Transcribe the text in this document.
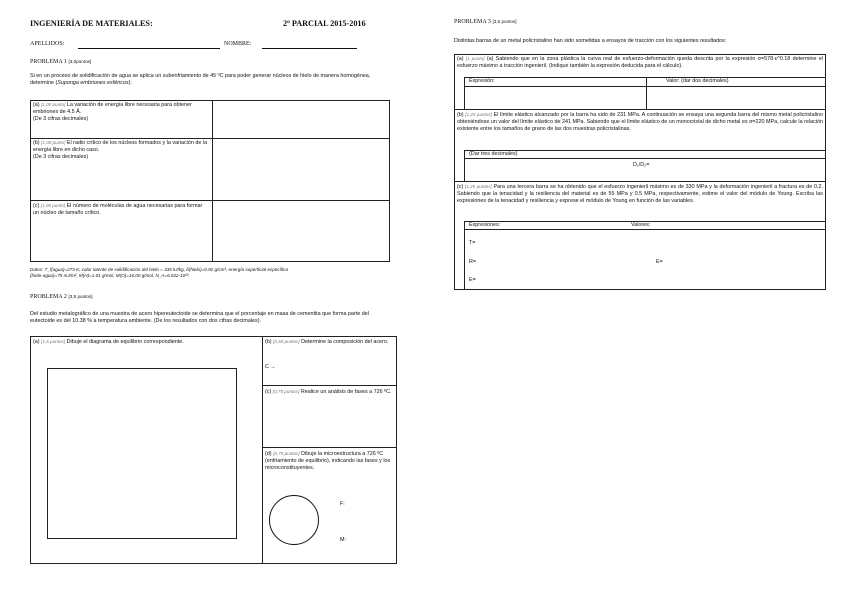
INGENIERÍA DE MATERIALES:	2º PARCIAL 2015-2016
APELLIDOS:	NOMBRE:
PROBLEMA 1 [3,0puntos]

Si en un proceso de solidificación de agua se aplica un subenfriamiento de 45 ºC para poder generar núcleos de hielo de manera homogénea, determine (Suponga embriones esféricos):

(a) [1,00 punto] La variación de energía libre necesaria para obtener embriones de 4.5 Å.
(De 3 cifras decimales)
(b) [1,00 punto] El radio crítico de los núcleos formados y la variación de la energía libre en dicho caso.
(De 3 cifras decimales)
(c) [1,00 punto] El número de moléculas de agua necesarias para formar un núcleo de tamaño crítico.

Datos: T_f(agua)=273 K, calor latente de solidificación del hielo = 335 kJ/kg, δ(hielo)=0.92 g/cm³, energía superficial específica
(hielo-agua)=75 mJ/m², M(H)=1.01 g/mol, M(O)=16.00 g/mol, N_A=6.022·10²³.

PROBLEMA 2 [3,5 puntos]

Del estudio metalográfico de una muestra de acero hipereutectoide se determina que el porcentaje en masa de cementita que forma parte del eutectoide es del 10.38 % a temperatura ambiente. (De los resultados con dos cifras decimales).

(a) [1,5 puntos] Dibuje el diagrama de equilibrio correspondiente.	(b) [0,50 puntos] Determine la composición del acero.
C →
(c) [0,75 puntos] Realice un análisis de fases a 726 ºC.
(d) [0,75 puntos] Dibuje la microestructura a 726 ºC (enfriamiento de equilibrio), indicando las fases y los microconstituyentes.
F:
M:
PROBLEMA 3 [3,5 puntos]

Distintas barras de un metal policristalino han sido sometidas a ensayos de tracción con los siguientes resultados:

(a) [1 punto] (a) Sabiendo que en la zona plástica la curva real de esfuerzo-deformación queda descrita por la expresión σ=578·ε^0.18 determine el esfuerzo máximo a tracción ingenieril. (Indique también la expresión deducida para el cálculo).
Expresión:	Valor: (dar dos decimales)
(b) [1,25 puntos] El límite elástico alcanzado por la barra ha sido de 231 MPa. A continuación se ensaya una segunda barra del mismo metal policristalino obteniéndose un valor del límite elástico de 241 MPa. Sabiendo que el límite elástico de un monocristal de dicho metal es σ=220 MPa, calcule la relación existente entre los tamaños de grano de las dos muestras policristalinas.
(Dar tres decimales)
D₁/D₂=
(c) [1,25 puntos] Para una tercera barra se ha obtenido que el esfuerzo ingenieril máximo es de 330 MPa y la deformación ingenieril a fractura es de 0.2. Sabiendo que la tenacidad y la resiliencia del material es de 55 MPa y 0.5 MPa, respectivamente, estime el valor del módulo de Young. Escriba las expresiones de la tenacidad y resiliencia y exprese el módulo de Young en función de las variables.
Expresiones:	Valores:
T=
R=	E=
E=
